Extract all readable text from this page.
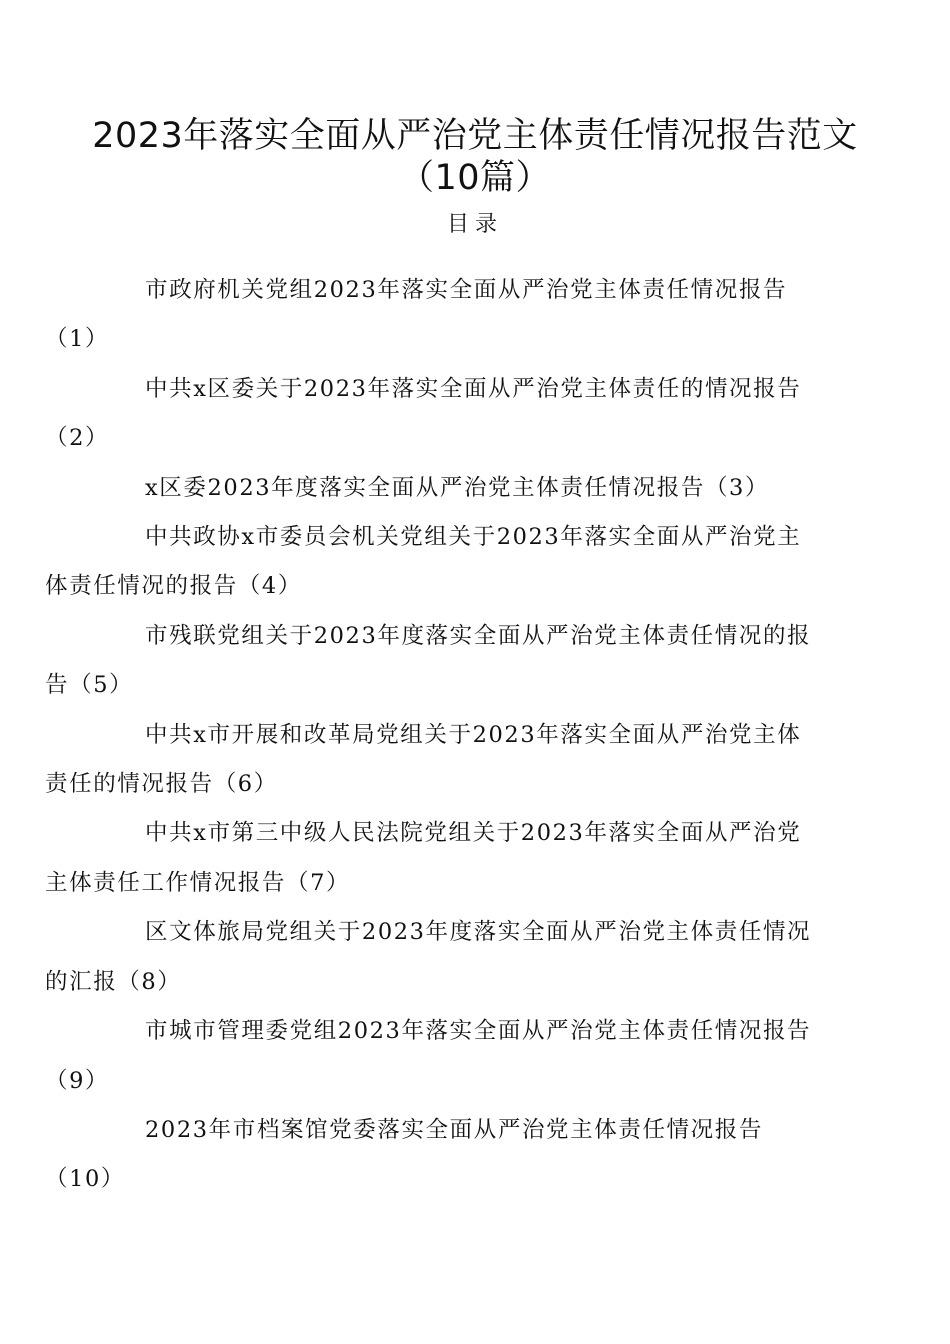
2023年落实全面从严治党主体责任情况报告范文
（10篇）
目录
市政府机关党组2023年落实全面从严治党主体责任情况报告
（1）
中共x区委关于2023年落实全面从严治党主体责任的情况报告
（2）
x区委2023年度落实全面从严治党主体责任情况报告（3）
中共政协x市委员会机关党组关于2023年落实全面从严治党主
体责任情况的报告（4）
市残联党组关于2023年度落实全面从严治党主体责任情况的报
告（5）
中共x市开展和改革局党组关于2023年落实全面从严治党主体
责任的情况报告（6）
中共x市第三中级人民法院党组关于2023年落实全面从严治党
主体责任工作情况报告（7）
区文体旅局党组关于2023年度落实全面从严治党主体责任情况
的汇报（8）
市城市管理委党组2023年落实全面从严治党主体责任情况报告
（9）
2023年市档案馆党委落实全面从严治党主体责任情况报告
（10）
